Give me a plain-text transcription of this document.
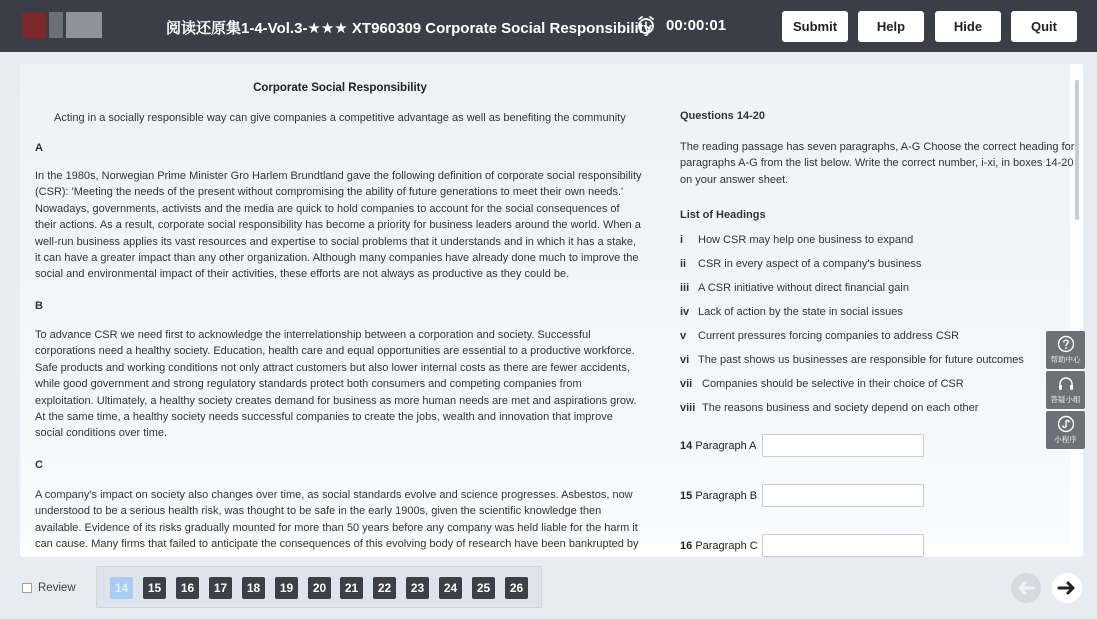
阅读还原集1-4-Vol.3-★★★ XT960309 Corporate Social Responsibility 00:00:01	Submit	Help	Hide	Quit
Corporate Social Responsibility
Acting in a socially responsible way can give companies a competitive advantage as well as benefiting the community
A
In the 1980s, Norwegian Prime Minister Gro Harlem Brundtland gave the following definition of corporate social responsibility (CSR): 'Meeting the needs of the present without compromising the ability of future generations to meet their own needs.' Nowadays, governments, activists and the media are quick to hold companies to account for the social consequences of their actions. As a result, corporate social responsibility has become a priority for business leaders around the world. When a well-run business applies its vast resources and expertise to social problems that it understands and in which it has a stake, it can have a greater impact than any other organization. Although many companies have already done much to improve the social and environmental impact of their activities, these efforts are not always as productive as they could be.
B
To advance CSR we need first to acknowledge the interrelationship between a corporation and society. Successful corporations need a healthy society. Education, health care and equal opportunities are essential to a productive workforce. Safe products and working conditions not only attract customers but also lower internal costs as there are fewer accidents, while good government and strong regulatory standards protect both consumers and competing companies from exploitation. Ultimately, a healthy society creates demand for business as more human needs are met and aspirations grow. At the same time, a healthy society needs successful companies to create the jobs, wealth and innovation that improve social conditions over time.
C
A company's impact on society also changes over time, as social standards evolve and science progresses. Asbestos, now understood to be a serious health risk, was thought to be safe in the early 1900s, given the scientific knowledge then available. Evidence of its risks gradually mounted for more than 50 years before any company was held liable for the harm it can cause. Many firms that failed to anticipate the consequences of this evolving body of research have been bankrupted by
Questions 14-20
The reading passage has seven paragraphs, A-G Choose the correct heading for paragraphs A-G from the list below. Write the correct number, i-xi, in boxes 14-20 on your answer sheet.
List of Headings
i	How CSR may help one business to expand
ii	CSR in every aspect of a company's business
iii A CSR initiative without direct financial gain
iv Lack of action by the state in social issues
v	Current pressures forcing companies to address CSR
vi The past shows us businesses are responsible for future outcomes
vii Companies should be selective in their choice of CSR
viii The reasons business and society depend on each other
14 Paragraph A
15 Paragraph B
16 Paragraph C
帮助中心
答疑小组
小程序
Review	14	15	16	17	18	19	20	21	22	23	24	25	26
